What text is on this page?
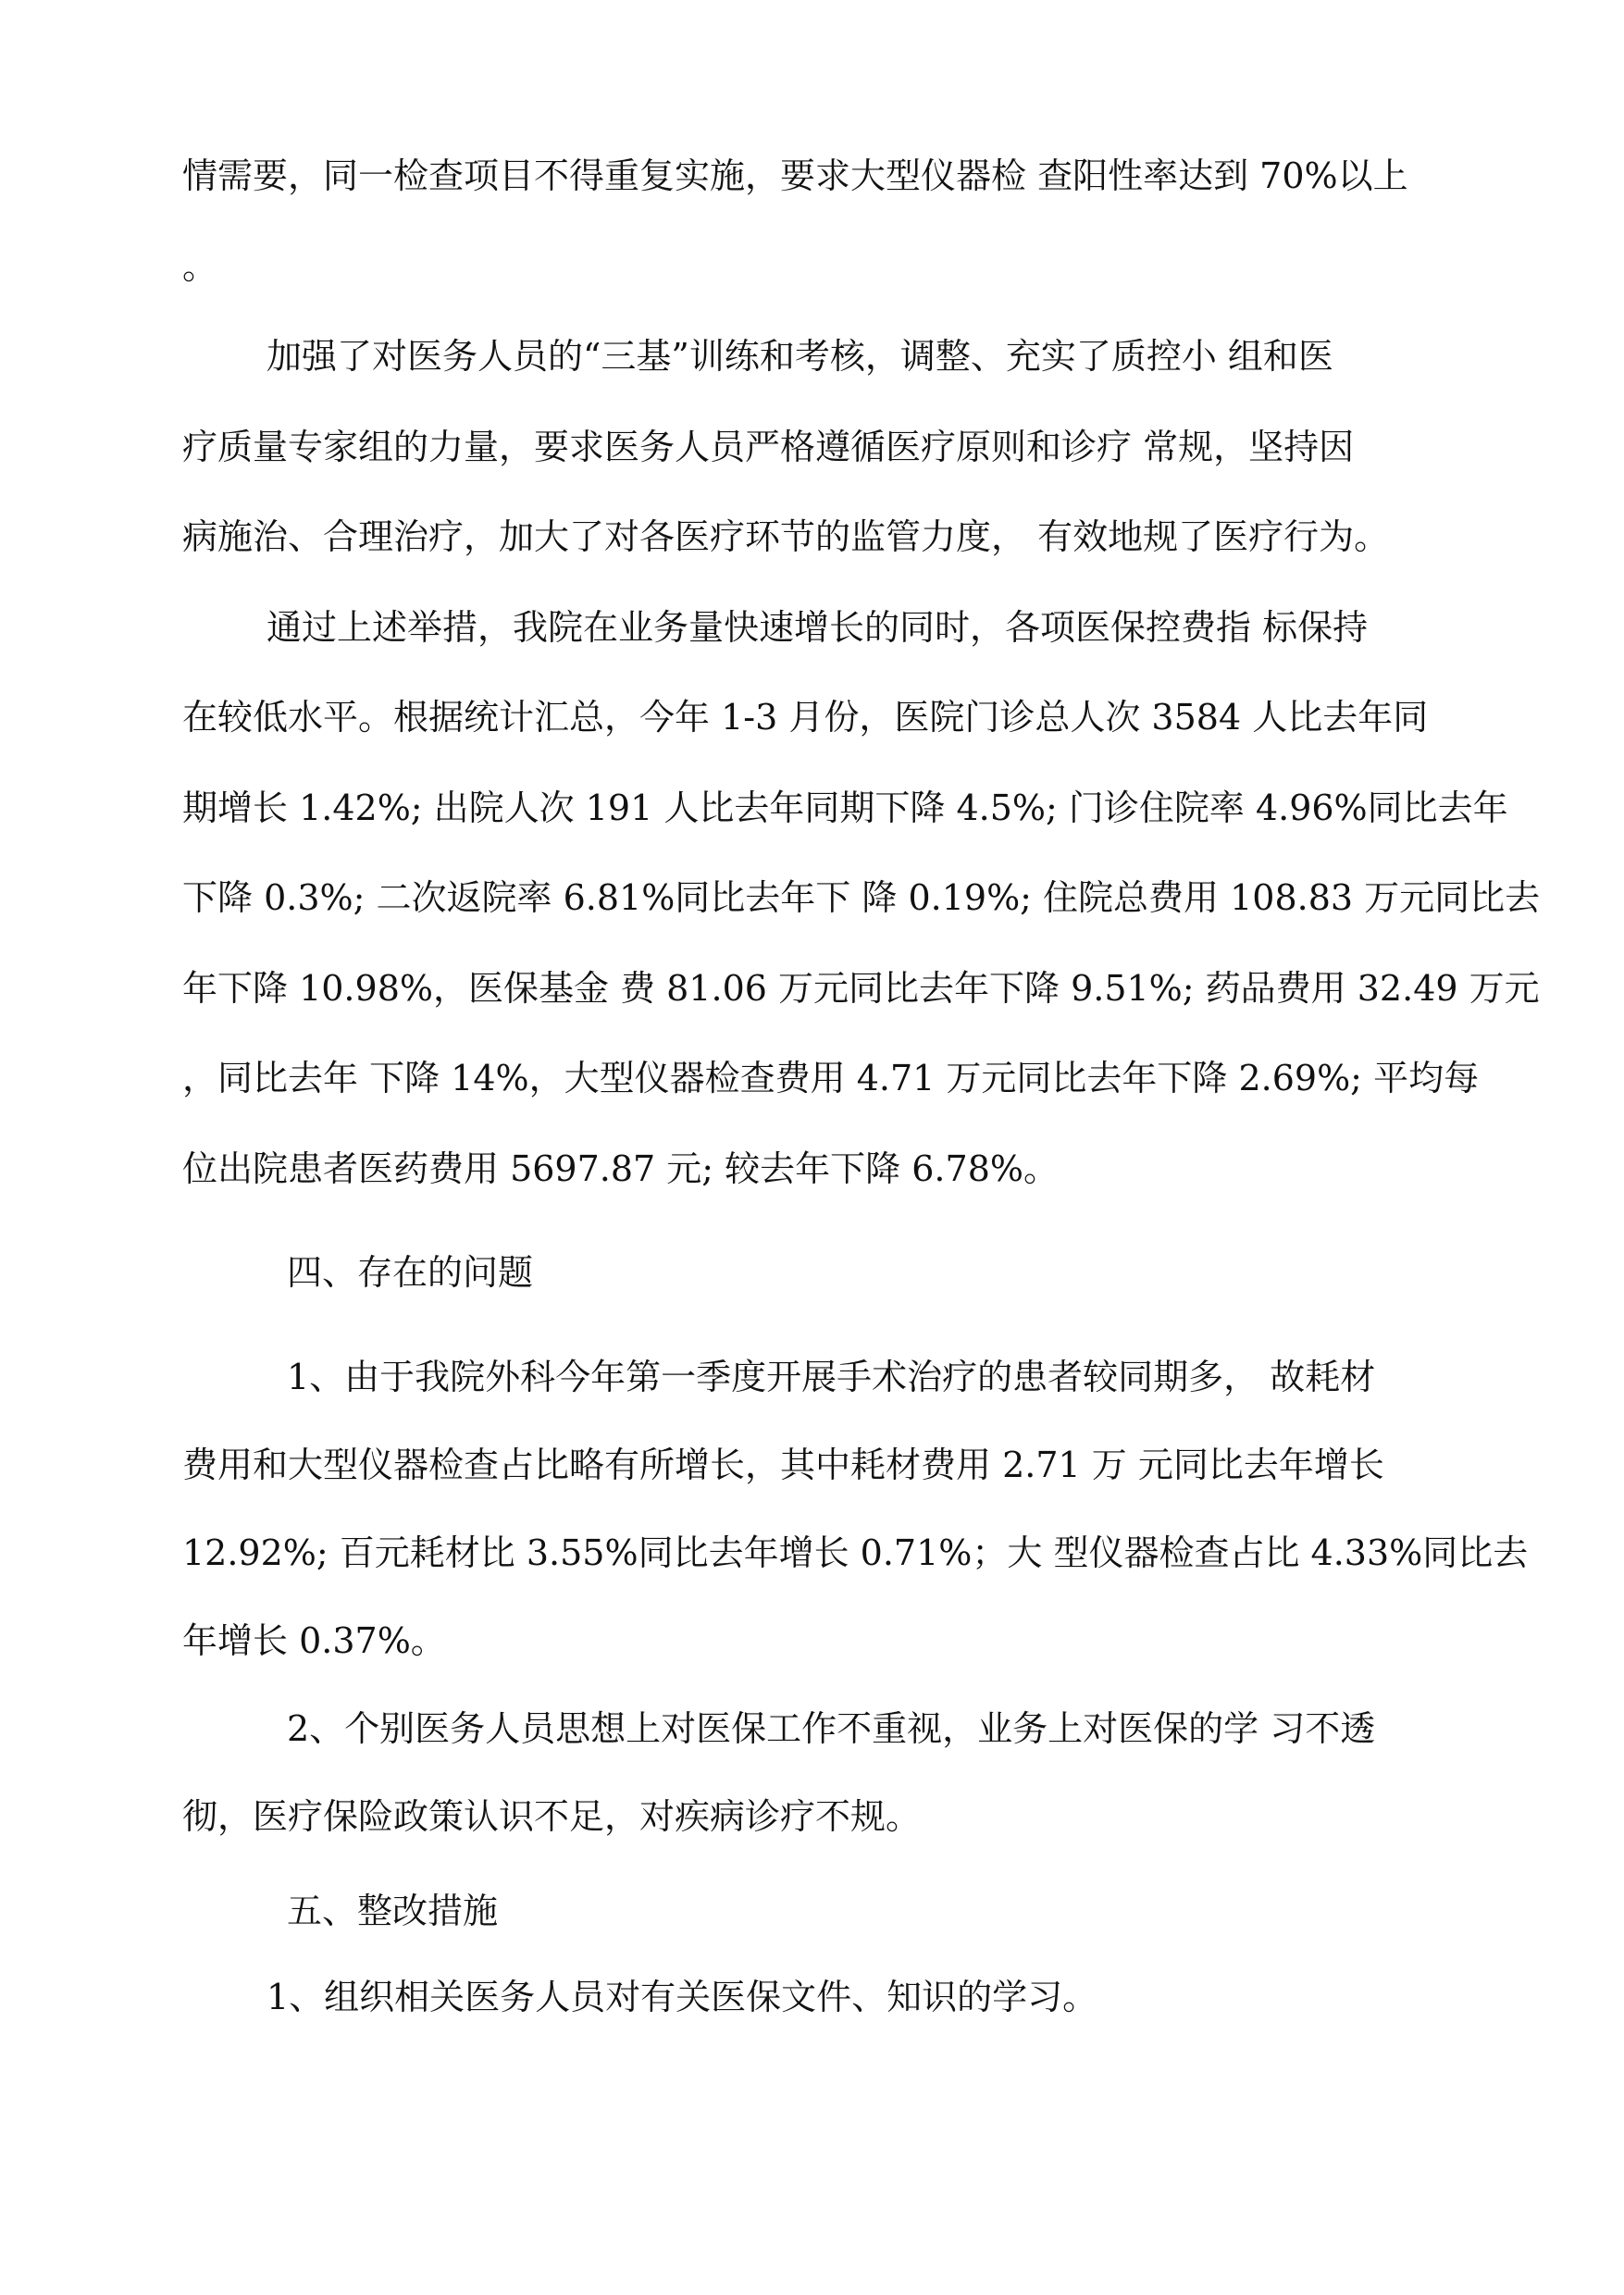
情需要，同一检查项目不得重复实施，要求大型仪器检 查阳性率达到 70%以上
。
加强了对医务人员的“三基”训练和考核，调整、充实了质控小 组和医
疗质量专家组的力量，要求医务人员严格遵循医疗原则和诊疗 常规，坚持因
病施治、合理治疗，加大了对各医疗环节的监管力度， 有效地规了医疗行为。
通过上述举措，我院在业务量快速增长的同时，各项医保控费指 标保持
在较低水平。根据统计汇总，今年 1-3 月份，医院门诊总人次 3584 人比去年同
期增长 1.42%; 出院人次 191 人比去年同期下降 4.5%; 门诊住院率 4.96%同比去年
下降 0.3%; 二次返院率 6.81%同比去年下 降 0.19%; 住院总费用 108.83 万元同比去
年下降 10.98%，医保基金 费 81.06 万元同比去年下降 9.51%; 药品费用 32.49 万元
，同比去年 下降 14%，大型仪器检查费用 4.71 万元同比去年下降 2.69%; 平均每
位出院患者医药费用 5697.87 元; 较去年下降 6.78%。
四、存在的问题
1、由于我院外科今年第一季度开展手术治疗的患者较同期多， 故耗材
费用和大型仪器检查占比略有所增长，其中耗材费用 2.71 万 元同比去年增长
12.92%; 百元耗材比 3.55%同比去年增长 0.71%；大 型仪器检查占比 4.33%同比去
年增长 0.37%。
2、个别医务人员思想上对医保工作不重视，业务上对医保的学 习不透
彻，医疗保险政策认识不足，对疾病诊疗不规。
五、整改措施
1、组织相关医务人员对有关医保文件、知识的学习。
